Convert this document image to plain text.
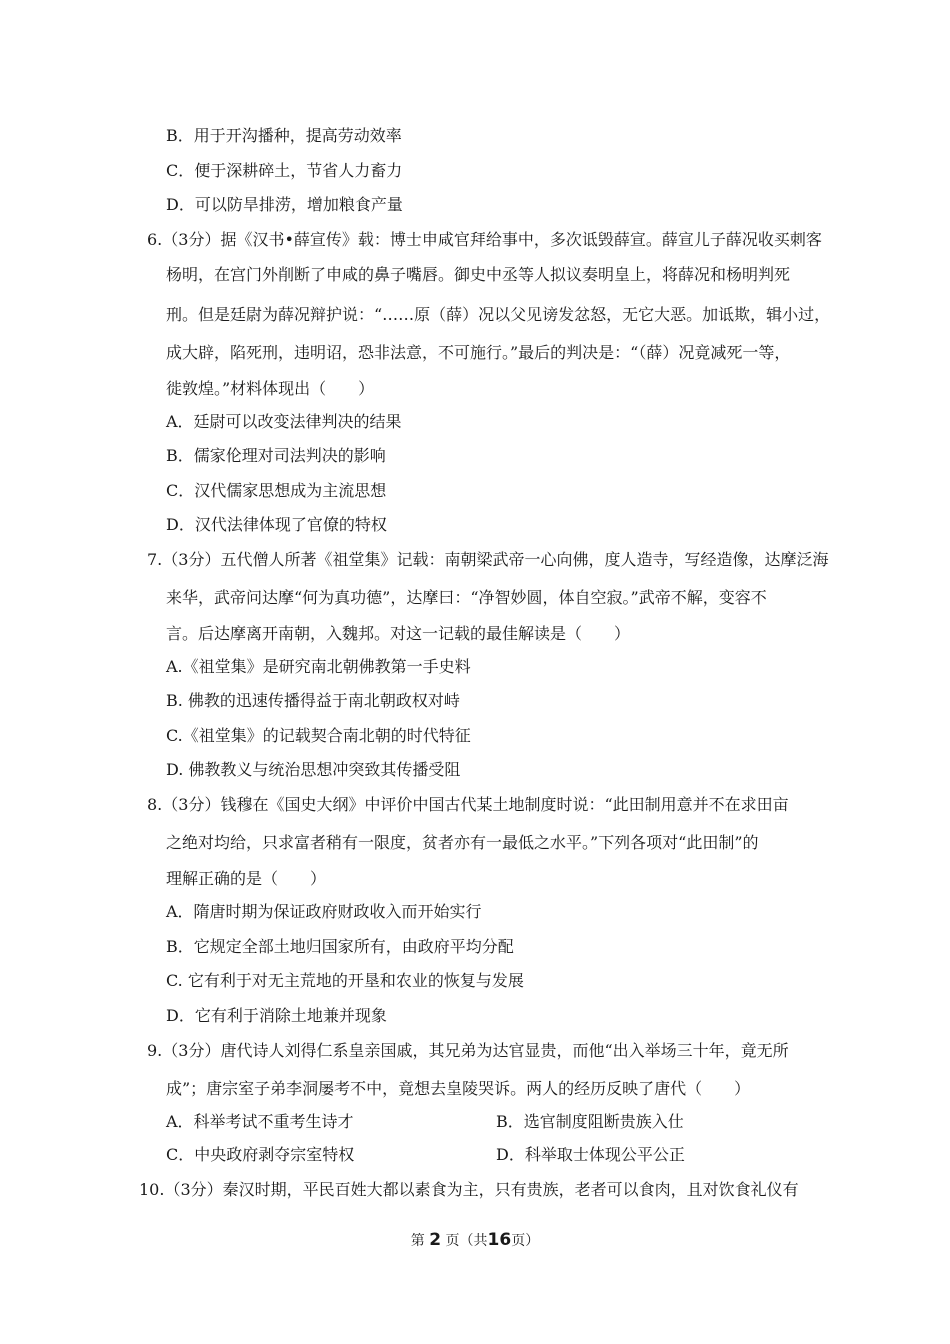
B．用于开沟播种，提高劳动效率
C．便于深耕碎土，节省人力畜力
D．可以防旱排涝，增加粮食产量
6.（3分）据《汉书•薛宣传》载：博士申咸官拜给事中，多次诋毁薛宣。薛宣儿子薛况收买刺客
杨明，在宫门外削断了申咸的鼻子嘴唇。御史中丞等人拟议奏明皇上，将薛况和杨明判死
刑。但是廷尉为薛况辩护说：“……原（薛）况以父见谤发忿怒，无它大恶。加诋欺，辑小过，
成大辟，陷死刑，违明诏，恐非法意，不可施行。”最后的判决是：“（薛）况竟减死一等，
徙敦煌。”材料体现出（　　）
A．廷尉可以改变法律判决的结果
B．儒家伦理对司法判决的影响
C．汉代儒家思想成为主流思想
D．汉代法律体现了官僚的特权
7.（3分）五代僧人所著《祖堂集》记载：南朝梁武帝一心向佛，度人造寺，写经造像，达摩泛海
来华，武帝问达摩“何为真功德”，达摩曰：“净智妙圆，体自空寂。”武帝不解，变容不
言。后达摩离开南朝，入魏邦。对这一记载的最佳解读是（　　）
A.《祖堂集》是研究南北朝佛教第一手史料
B. 佛教的迅速传播得益于南北朝政权对峙
C.《祖堂集》的记载契合南北朝的时代特征
D. 佛教教义与统治思想冲突致其传播受阻
8.（3分）钱穆在《国史大纲》中评价中国古代某土地制度时说：“此田制用意并不在求田亩
之绝对均给，只求富者稍有一限度，贫者亦有一最低之水平。”下列各项对“此田制”的
理解正确的是（　　）
A．隋唐时期为保证政府财政收入而开始实行
B．它规定全部土地归国家所有，由政府平均分配
C. 它有利于对无主荒地的开垦和农业的恢复与发展
D．它有利于消除土地兼并现象
9.（3分）唐代诗人刘得仁系皇亲国戚，其兄弟为达官显贵，而他“出入举场三十年，竟无所
成”；唐宗室子弟李洞屡考不中，竟想去皇陵哭诉。两人的经历反映了唐代（　　）
A．科举考试不重考生诗才	B．选官制度阻断贵族入仕
C．中央政府剥夺宗室特权	D．科举取士体现公平公正
10.（3分）秦汉时期，平民百姓大都以素食为主，只有贵族，老者可以食肉，且对饮食礼仪有
第 2 页（共16页）
